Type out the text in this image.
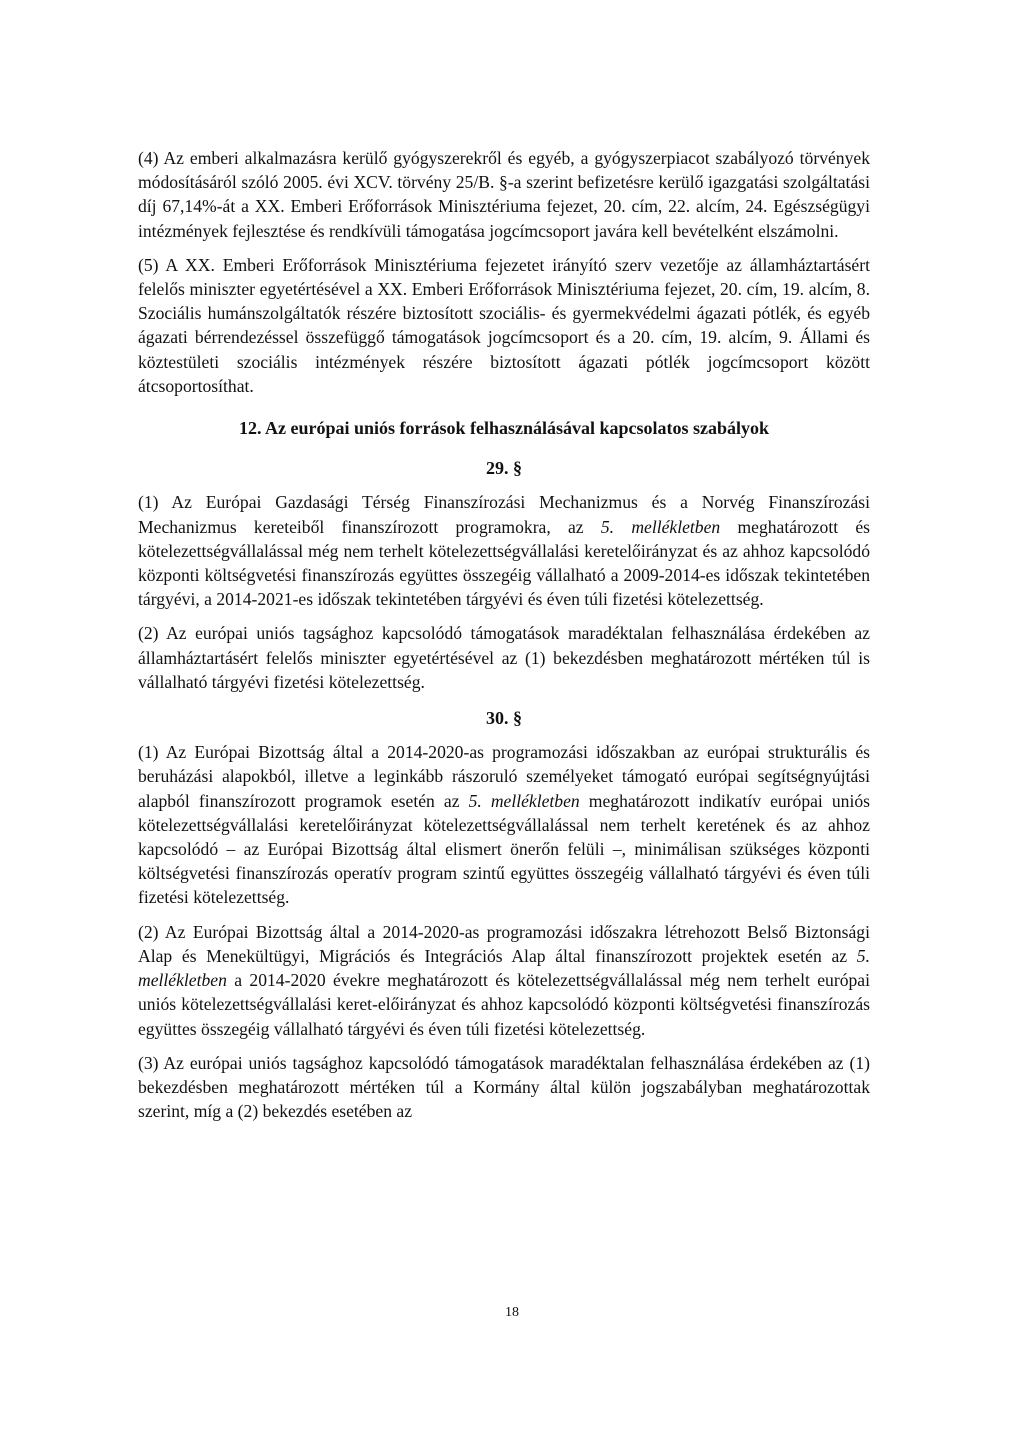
(4) Az emberi alkalmazásra kerülő gyógyszerekről és egyéb, a gyógyszerpiacot szabályozó törvények módosításáról szóló 2005. évi XCV. törvény 25/B. §-a szerint befizetésre kerülő igazgatási szolgáltatási díj 67,14%-át a XX. Emberi Erőforrások Minisztériuma fejezet, 20. cím, 22. alcím, 24. Egészségügyi intézmények fejlesztése és rendkívüli támogatása jogcímcsoport javára kell bevételként elszámolni.

(5) A XX. Emberi Erőforrások Minisztériuma fejezetet irányító szerv vezetője az államháztartásért felelős miniszter egyetértésével a XX. Emberi Erőforrások Minisztériuma fejezet, 20. cím, 19. alcím, 8. Szociális humánszolgáltatók részére biztosított szociális- és gyermekvédelmi ágazati pótlék, és egyéb ágazati bérrendezéssel összefüggő támogatások jogcímcsoport és a 20. cím, 19. alcím, 9. Állami és köztestületi szociális intézmények részére biztosított ágazati pótlék jogcímcsoport között átcsoportosíthat.

12. Az európai uniós források felhasználásával kapcsolatos szabályok
29. §

(1) Az Európai Gazdasági Térség Finanszírozási Mechanizmus és a Norvég Finanszírozási Mechanizmus kereteiből finanszírozott programokra, az 5. mellékletben meghatározott és kötelezettségvállalással még nem terhelt kötelezettségvállalási keretelőirányzat és az ahhoz kapcsolódó központi költségvetési finanszírozás együttes összegéig vállalható a 2009-2014-es időszak tekintetében tárgyévi, a 2014-2021-es időszak tekintetében tárgyévi és éven túli fizetési kötelezettség.

(2) Az európai uniós tagsághoz kapcsolódó támogatások maradéktalan felhasználása érdekében az államháztartásért felelős miniszter egyetértésével az (1) bekezdésben meghatározott mértéken túl is vállalható tárgyévi fizetési kötelezettség.

30. §

(1) Az Európai Bizottság által a 2014-2020-as programozási időszakban az európai strukturális és beruházási alapokból, illetve a leginkább rászoruló személyeket támogató európai segítségnyújtási alapból finanszírozott programok esetén az 5. mellékletben meghatározott indikatív európai uniós kötelezettségvállalási keretelőirányzat kötelezettségvállalással nem terhelt keretének és az ahhoz kapcsolódó – az Európai Bizottság által elismert önerőn felüli –, minimálisan szükséges központi költségvetési finanszírozás operatív program szintű együttes összegéig vállalható tárgyévi és éven túli fizetési kötelezettség.

(2) Az Európai Bizottság által a 2014-2020-as programozási időszakra létrehozott Belső Biztonsági Alap és Menekültügyi, Migrációs és Integrációs Alap által finanszírozott projektek esetén az 5. mellékletben a 2014-2020 évekre meghatározott és kötelezettségvállalással még nem terhelt európai uniós kötelezettségvállalási keret-előirányzat és ahhoz kapcsolódó központi költségvetési finanszírozás együttes összegéig vállalható tárgyévi és éven túli fizetési kötelezettség.

(3) Az európai uniós tagsághoz kapcsolódó támogatások maradéktalan felhasználása érdekében az (1) bekezdésben meghatározott mértéken túl a Kormány által külön jogszabályban meghatározottak szerint, míg a (2) bekezdés esetében az

18
